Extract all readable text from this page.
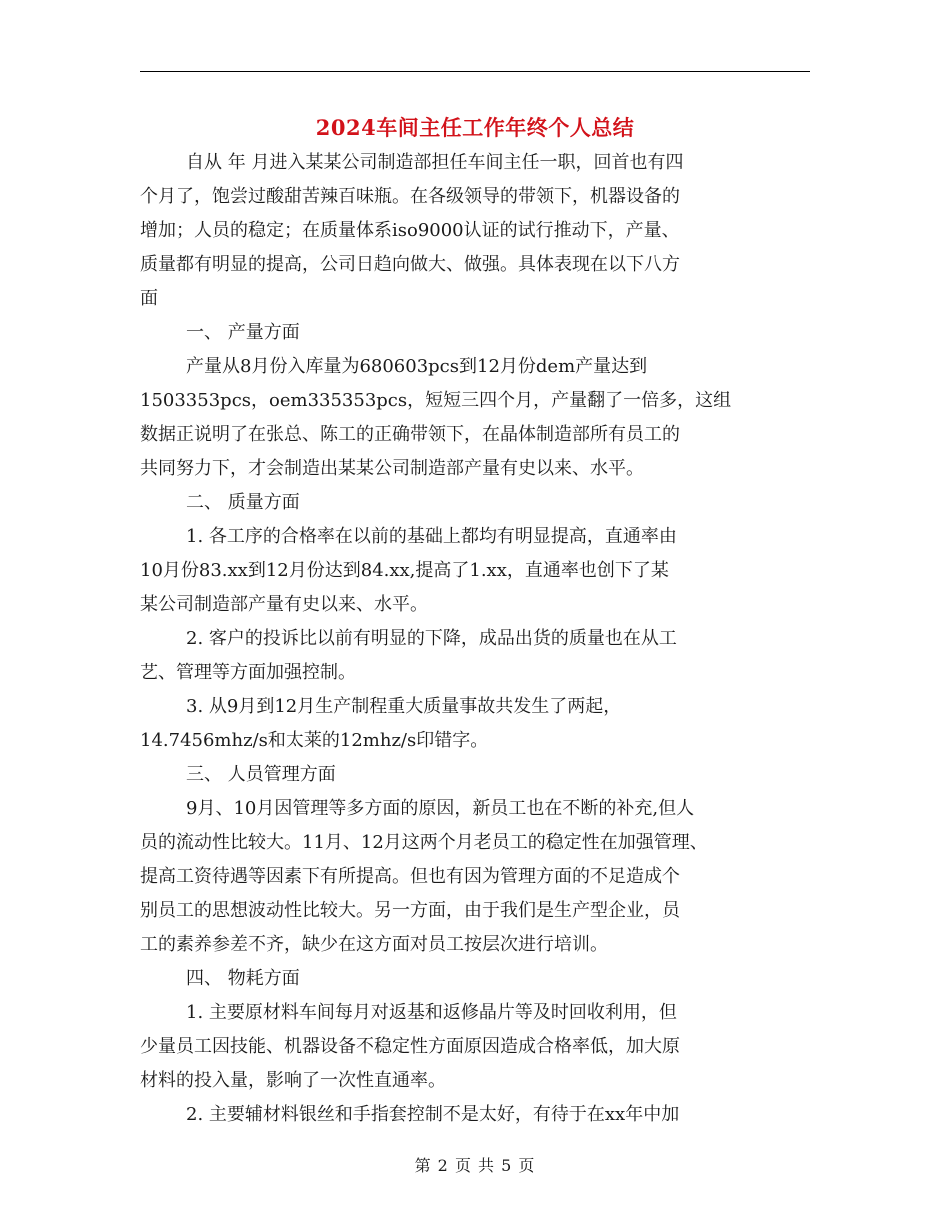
2024车间主任工作年终个人总结
自从 年 月进入某某公司制造部担任车间主任一职，回首也有四
个月了，饱尝过酸甜苦辣百味瓶。在各级领导的带领下，机器设备的
增加；人员的稳定；在质量体系iso9000认证的试行推动下，产量、
质量都有明显的提高，公司日趋向做大、做强。具体表现在以下八方
面
一、 产量方面
产量从8月份入库量为680603pcs到12月份dem产量达到
1503353pcs，oem335353pcs，短短三四个月，产量翻了一倍多，这组
数据正说明了在张总、陈工的正确带领下，在晶体制造部所有员工的
共同努力下，才会制造出某某公司制造部产量有史以来、水平。
二、 质量方面
1. 各工序的合格率在以前的基础上都均有明显提高，直通率由
10月份83.xx到12月份达到84.xx,提高了1.xx，直通率也创下了某
某公司制造部产量有史以来、水平。
2. 客户的投诉比以前有明显的下降，成品出货的质量也在从工
艺、管理等方面加强控制。
3. 从9月到12月生产制程重大质量事故共发生了两起，
14.7456mhz/s和太莱的12mhz/s印错字。
三、 人员管理方面
9月、10月因管理等多方面的原因，新员工也在不断的补充,但人
员的流动性比较大。11月、12月这两个月老员工的稳定性在加强管理、
提高工资待遇等因素下有所提高。但也有因为管理方面的不足造成个
别员工的思想波动性比较大。另一方面，由于我们是生产型企业，员
工的素养参差不齐，缺少在这方面对员工按层次进行培训。
四、 物耗方面
1. 主要原材料车间每月对返基和返修晶片等及时回收利用，但
少量员工因技能、机器设备不稳定性方面原因造成合格率低，加大原
材料的投入量，影响了一次性直通率。
2. 主要辅材料银丝和手指套控制不是太好，有待于在xx年中加
第 2 页 共 5 页
